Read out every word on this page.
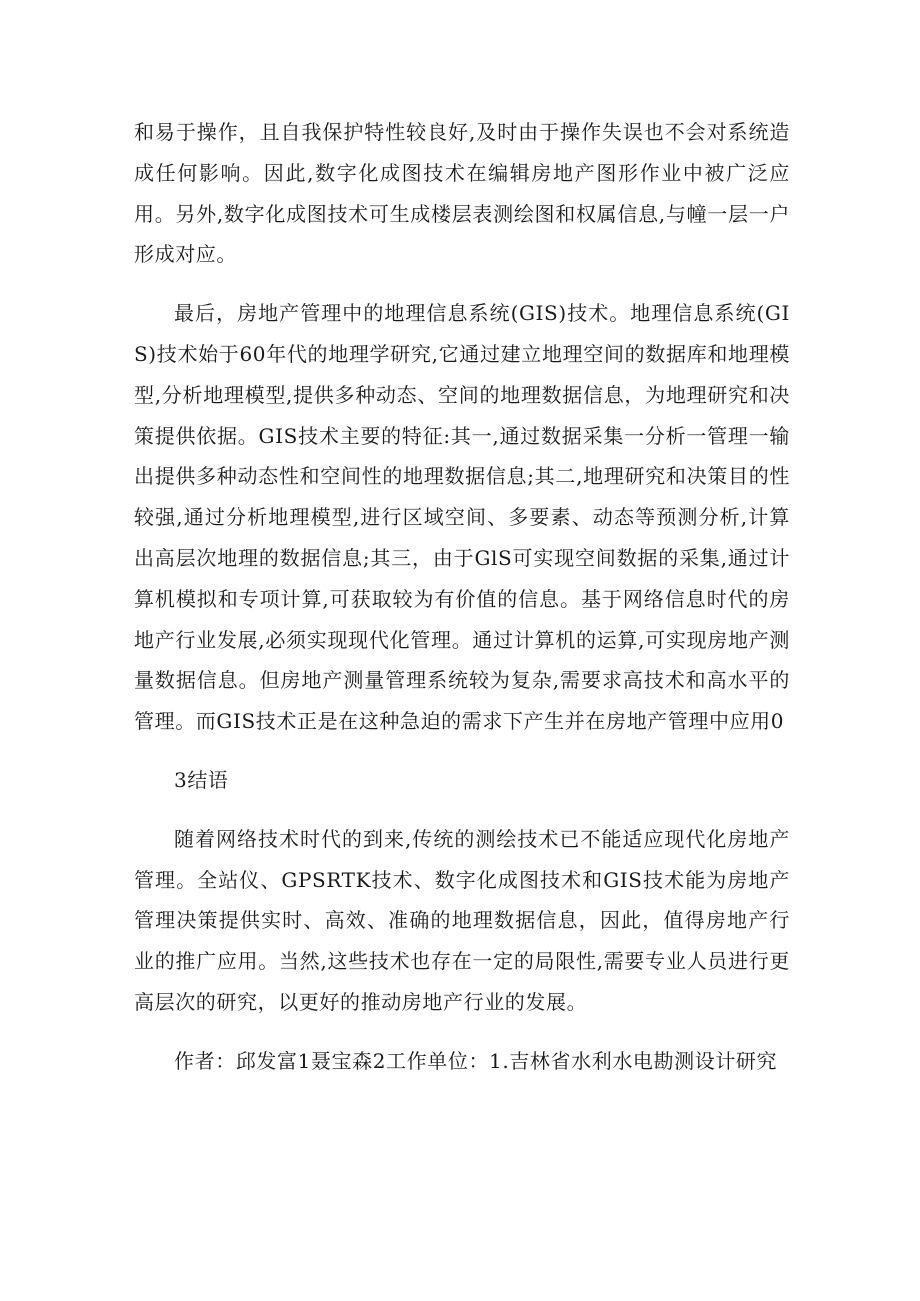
和易于操作，且自我保护特性较良好,及时由于操作失误也不会对系统造成任何影响。因此,数字化成图技术在编辑房地产图形作业中被广泛应用。另外,数字化成图技术可生成楼层表测绘图和权属信息,与幢一层一户形成对应。

最后，房地产管理中的地理信息系统(GIS)技术。地理信息系统(GIS)技术始于60年代的地理学研究,它通过建立地理空间的数据库和地理模型,分析地理模型,提供多种动态、空间的地理数据信息，为地理研究和决策提供依据。GIS技术主要的特征:其一,通过数据采集一分析一管理一输出提供多种动态性和空间性的地理数据信息;其二,地理研究和决策目的性较强,通过分析地理模型,进行区域空间、多要素、动态等预测分析,计算出高层次地理的数据信息;其三，由于GlS可实现空间数据的采集,通过计算机模拟和专项计算,可获取较为有价值的信息。基于网络信息时代的房地产行业发展,必须实现现代化管理。通过计算机的运算,可实现房地产测量数据信息。但房地产测量管理系统较为复杂,需要求高技术和高水平的管理。而GIS技术正是在这种急迫的需求下产生并在房地产管理中应用0

3结语

随着网络技术时代的到来,传统的测绘技术已不能适应现代化房地产管理。全站仪、GPSRTK技术、数字化成图技术和GIS技术能为房地产管理决策提供实时、高效、准确的地理数据信息，因此，值得房地产行业的推广应用。当然,这些技术也存在一定的局限性,需要专业人员进行更高层次的研究，以更好的推动房地产行业的发展。

作者：邱发富1聂宝森2工作单位：1.吉林省水利水电勘测设计研究
